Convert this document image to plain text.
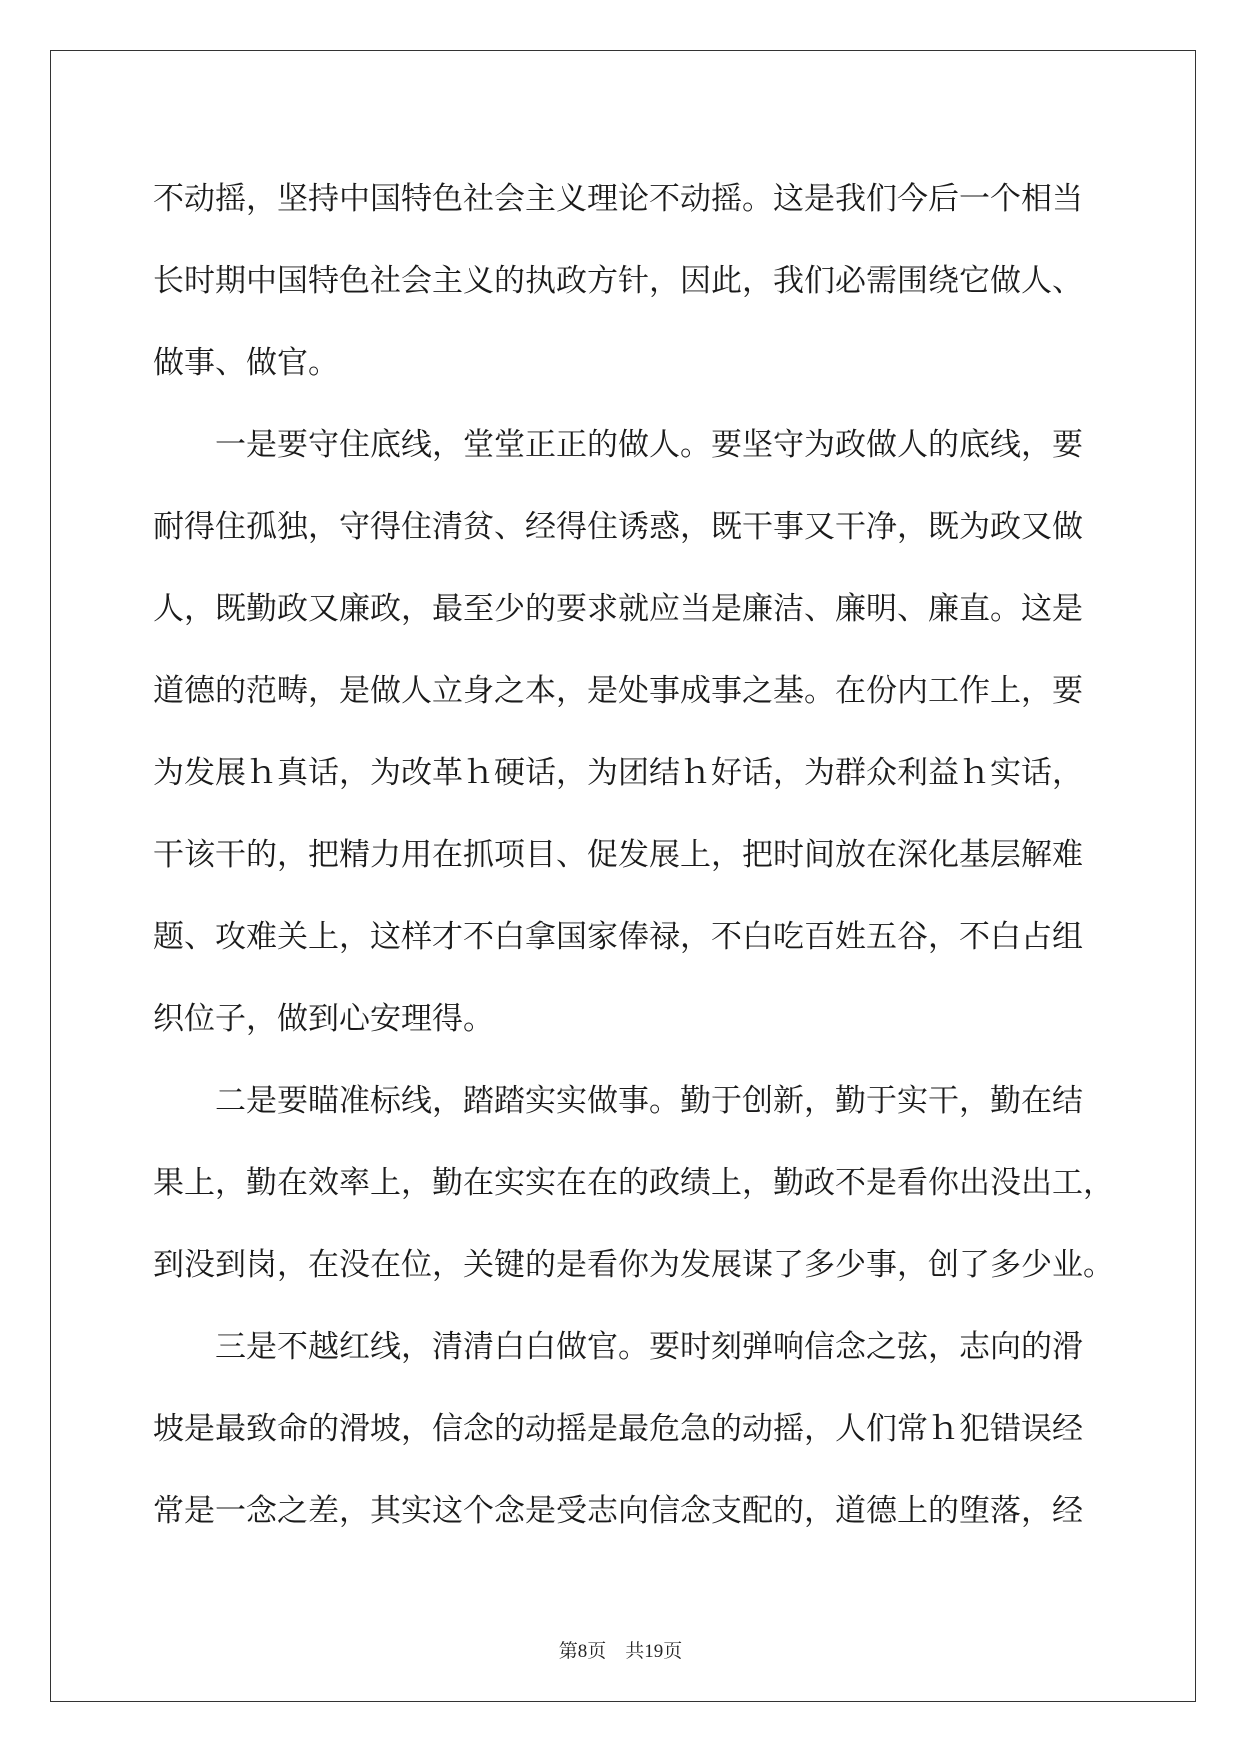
不动摇，坚持中国特色社会主义理论不动摇。这是我们今后一个相当
长时期中国特色社会主义的执政方针，因此，我们必需围绕它做人、
做事、做官。
一是要守住底线，堂堂正正的做人。要坚守为政做人的底线，要
耐得住孤独，守得住清贫、经得住诱惑，既干事又干净，既为政又做
人，既勤政又廉政，最至少的要求就应当是廉洁、廉明、廉直。这是
道德的范畴，是做人立身之本，是处事成事之基。在份内工作上，要
为发展ｈ真话，为改革ｈ硬话，为团结ｈ好话，为群众利益ｈ实话，
干该干的，把精力用在抓项目、促发展上，把时间放在深化基层解难
题、攻难关上，这样才不白拿国家俸禄，不白吃百姓五谷，不白占组
织位子，做到心安理得。
二是要瞄准标线，踏踏实实做事。勤于创新，勤于实干，勤在结
果上，勤在效率上，勤在实实在在的政绩上，勤政不是看你出没出工，
到没到岗，在没在位，关键的是看你为发展谋了多少事，创了多少业。
三是不越红线，清清白白做官。要时刻弹响信念之弦，志向的滑
坡是最致命的滑坡，信念的动摇是最危急的动摇，人们常ｈ犯错误经
常是一念之差，其实这个念是受志向信念支配的，道德上的堕落，经
第8页 共19页
